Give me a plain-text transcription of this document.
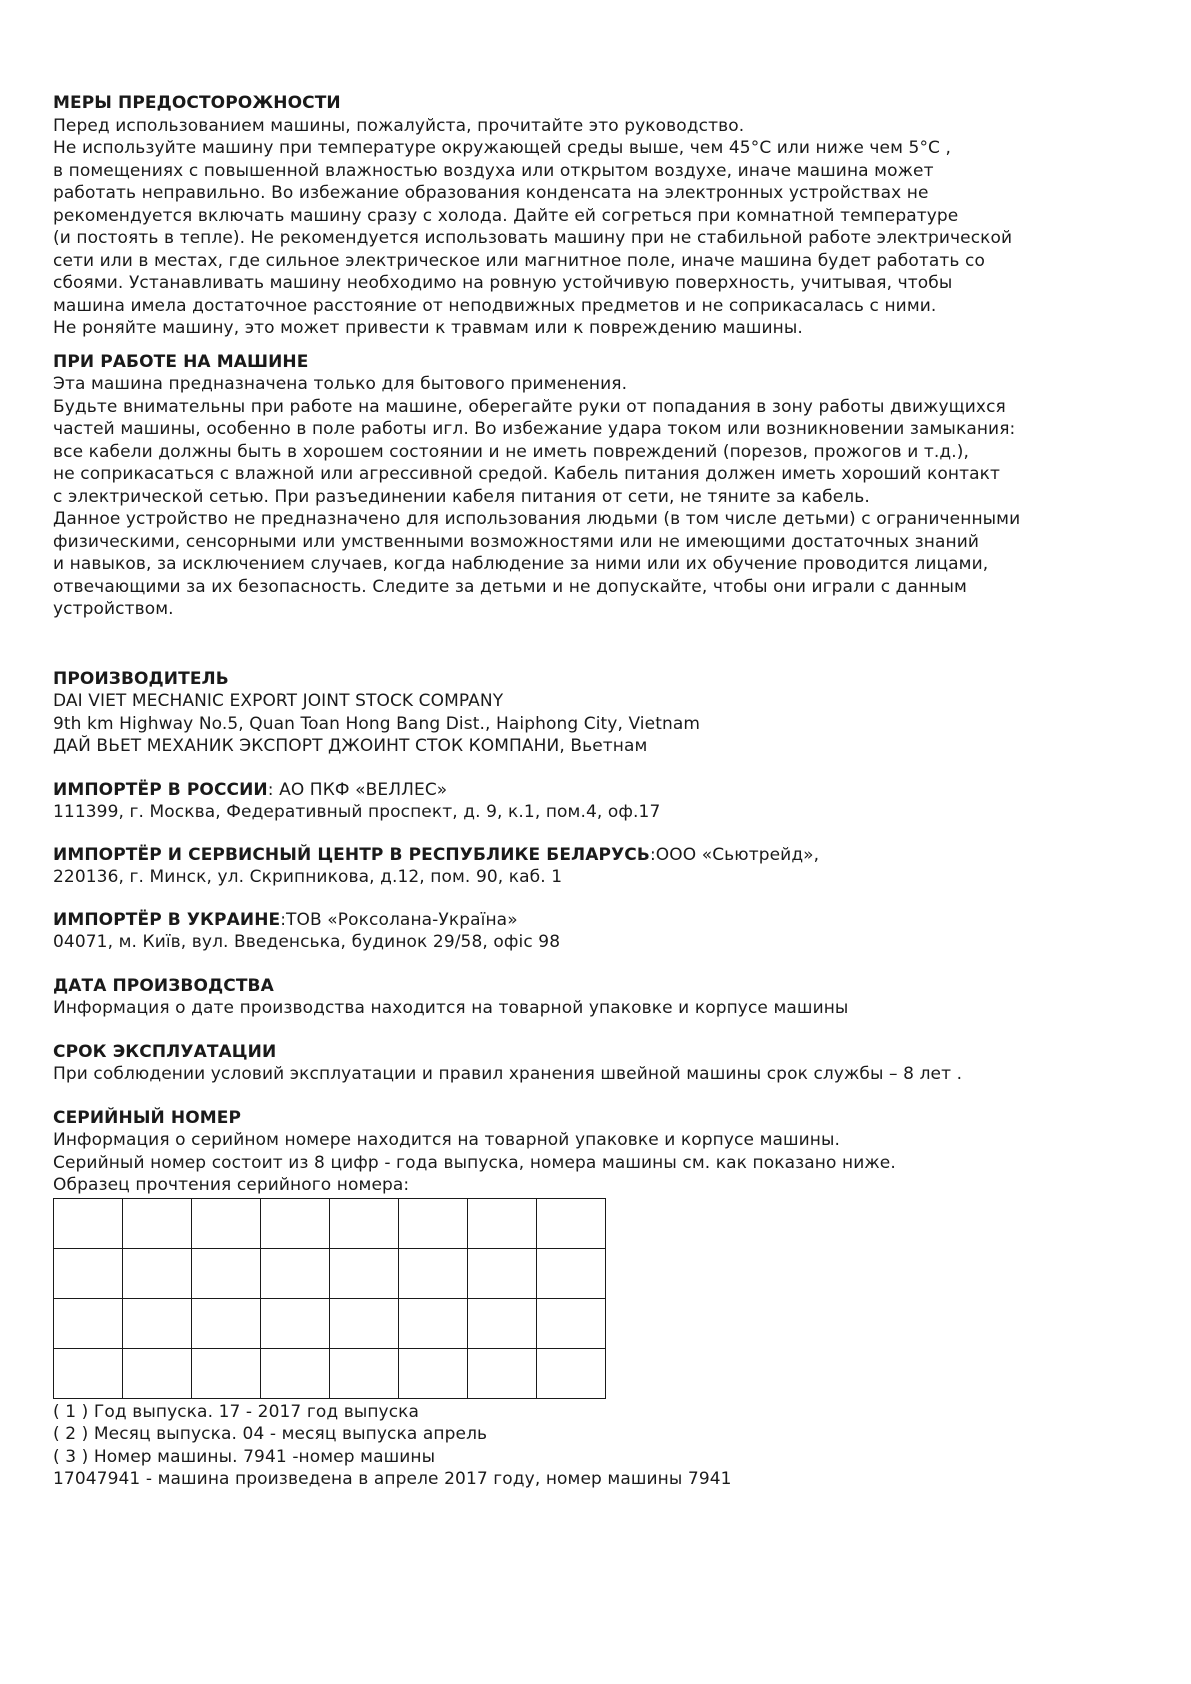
МЕРЫ ПРЕДОСТОРОЖНОСТИ
Перед использованием машины, пожалуйста, прочитайте это руководство.
Не используйте машину при температуре окружающей среды выше, чем 45°С или ниже чем 5°С ,
в помещениях с повышенной влажностью воздуха или открытом воздухе, иначе машина может
работать неправильно. Во избежание образования конденсата на электронных устройствах не
рекомендуется включать машину сразу с холода. Дайте ей согреться при комнатной температуре
(и постоять в тепле). Не рекомендуется использовать машину при не стабильной работе электрической
сети или в местах, где сильное электрическое или магнитное поле, иначе машина будет работать со
сбоями. Устанавливать машину необходимо на ровную устойчивую поверхность, учитывая, чтобы
машина имела достаточное расстояние от неподвижных предметов и не соприкасалась с ними.
Не роняйте машину, это может привести к травмам или к повреждению машины.
ПРИ РАБОТЕ НА МАШИНЕ
Эта машина предназначена только для бытового применения.
Будьте внимательны при работе на машине, оберегайте руки от попадания в зону работы движущихся
частей машины, особенно в поле работы игл. Во избежание удара током или возникновении замыкания:
все кабели должны быть в хорошем состоянии и не иметь повреждений (порезов, прожогов и т.д.),
не соприкасаться с влажной или агрессивной средой. Кабель питания должен иметь хороший контакт
с электрической сетью. При разъединении кабеля питания от сети, не тяните за кабель.
Данное устройство не предназначено для использования людьми (в том числе детьми) с ограниченными
физическими, сенсорными или умственными возможностями или не имеющими достаточных знаний
и навыков, за исключением случаев, когда наблюдение за ними или их обучение проводится лицами,
отвечающими за их безопасность. Следите за детьми и не допускайте, чтобы они играли с данным
устройством.
ПРОИЗВОДИТЕЛЬ
DAI VIET MECHANIC EXPORT JOINT STOCK COMPANY
9th km Highway No.5, Quan Toan Hong Bang Dist., Haiphong City, Vietnam
ДАЙ ВЬЕТ МЕХАНИК ЭКСПОРТ ДЖОИНТ СТОК КОМПАНИ, Вьетнам
ИМПОРТЁР В РОССИИ: АО ПКФ «ВЕЛЛЕС»
111399, г. Москва, Федеративный проспект, д. 9, к.1, пом.4, оф.17
ИМПОРТЁР И СЕРВИСНЫЙ ЦЕНТР В РЕСПУБЛИКЕ БЕЛАРУСЬ:ООО «Сьютрейд»,
220136, г. Минск, ул. Скрипникова, д.12, пом. 90, каб. 1
ИМПОРТЁР В УКРАИНЕ:ТОВ «Роксолана-Україна»
04071, м. Київ, вул. Введенська, будинок 29/58, офіс 98
ДАТА ПРОИЗВОДСТВА
Информация о дате производства находится на товарной упаковке и корпусе машины
СРОК ЭКСПЛУАТАЦИИ
При соблюдении условий эксплуатации и правил хранения швейной машины срок службы – 8 лет .
СЕРИЙНЫЙ НОМЕР
Информация о серийном номере находится на товарной упаковке и корпусе машины.
Серийный номер состоит из 8 цифр - года выпуска, номера машины см. как показано ниже.
Образец прочтения серийного номера:

( 1 ) Год выпуска. 17 - 2017 год выпуска
( 2 ) Месяц выпуска. 04 - месяц выпуска апрель
( 3 ) Номер машины. 7941 -номер машины
17047941 - машина произведена в апреле 2017 году, номер машины 7941
